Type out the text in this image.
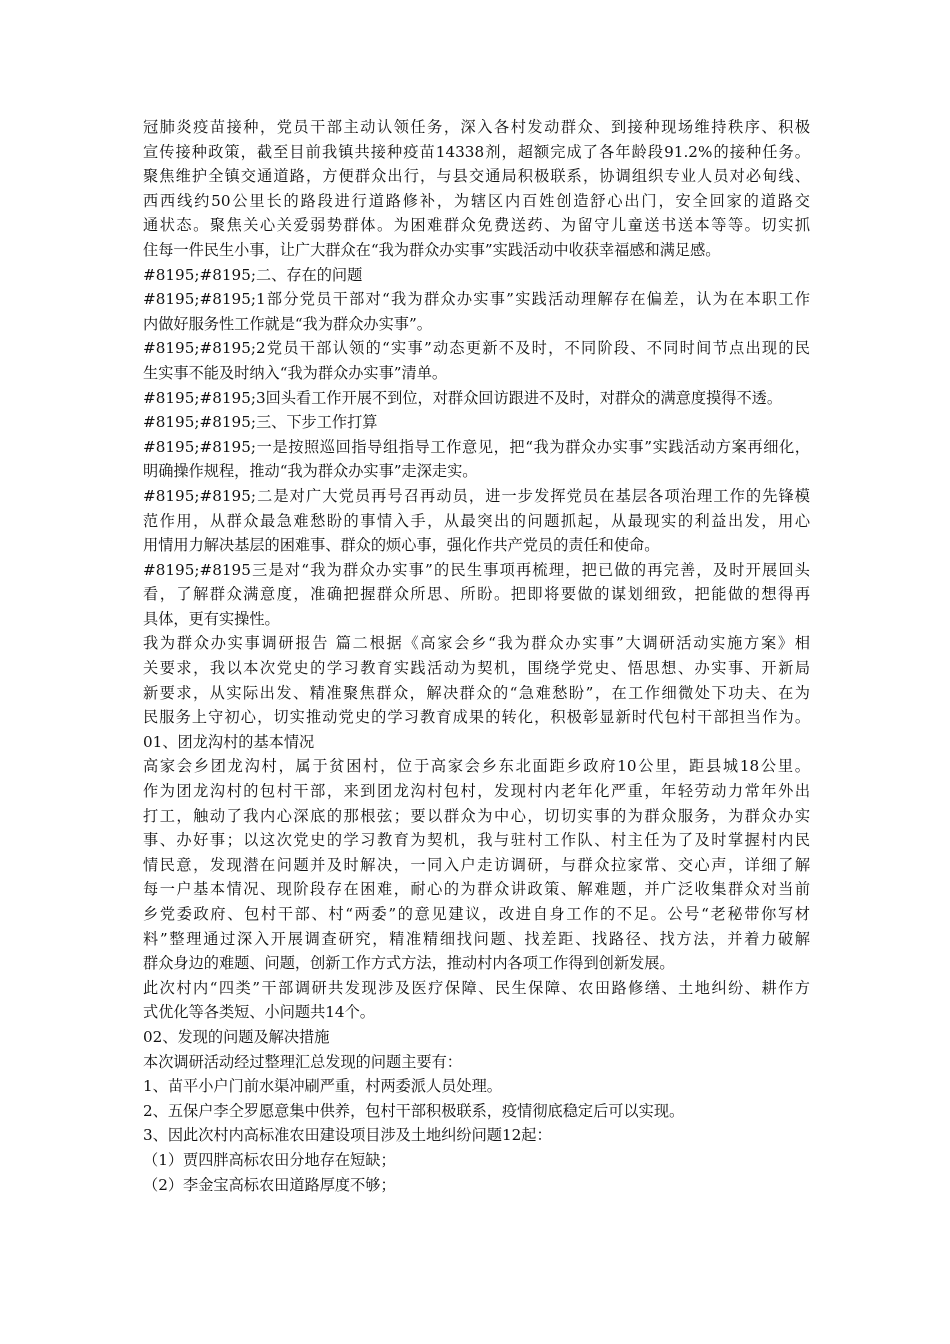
冠肺炎疫苗接种，党员干部主动认领任务，深入各村发动群众、到接种现场维持秩序、积极
宣传接种政策，截至目前我镇共接种疫苗14338剂，超额完成了各年龄段91.2%的接种任务。
聚焦维护全镇交通道路，方便群众出行，与县交通局积极联系，协调组织专业人员对必甸线、
西西线约50公里长的路段进行道路修补，为辖区内百姓创造舒心出门，安全回家的道路交
通状态。聚焦关心关爱弱势群体。为困难群众免费送药、为留守儿童送书送本等等。切实抓
住每一件民生小事，让广大群众在“我为群众办实事”实践活动中收获幸福感和满足感。
#8195;#8195;二、存在的问题
#8195;#8195;1部分党员干部对“我为群众办实事”实践活动理解存在偏差，认为在本职工作
内做好服务性工作就是“我为群众办实事”。
#8195;#8195;2党员干部认领的“实事”动态更新不及时，不同阶段、不同时间节点出现的民
生实事不能及时纳入“我为群众办实事”清单。
#8195;#8195;3回头看工作开展不到位，对群众回访跟进不及时，对群众的满意度摸得不透。
#8195;#8195;三、下步工作打算
#8195;#8195;一是按照巡回指导组指导工作意见，把“我为群众办实事”实践活动方案再细化，
明确操作规程，推动“我为群众办实事”走深走实。
#8195;#8195;二是对广大党员再号召再动员，进一步发挥党员在基层各项治理工作的先锋模
范作用，从群众最急难愁盼的事情入手，从最突出的问题抓起，从最现实的利益出发，用心
用情用力解决基层的困难事、群众的烦心事，强化作共产党员的责任和使命。
#8195;#8195三是对“我为群众办实事”的民生事项再梳理，把已做的再完善，及时开展回头
看，了解群众满意度，准确把握群众所思、所盼。把即将要做的谋划细致，把能做的想得再
具体，更有实操性。
我为群众办实事调研报告 篇二根据《高家会乡“我为群众办实事”大调研活动实施方案》相
关要求，我以本次党史的学习教育实践活动为契机，围绕学党史、悟思想、办实事、开新局
新要求，从实际出发、精准聚焦群众，解决群众的“急难愁盼”，在工作细微处下功夫、在为
民服务上守初心，切实推动党史的学习教育成果的转化，积极彰显新时代包村干部担当作为。
01、团龙沟村的基本情况
高家会乡团龙沟村，属于贫困村，位于高家会乡东北面距乡政府10公里，距县城18公里。
作为团龙沟村的包村干部，来到团龙沟村包村，发现村内老年化严重，年轻劳动力常年外出
打工，触动了我内心深底的那根弦；要以群众为中心，切切实事的为群众服务，为群众办实
事、办好事；以这次党史的学习教育为契机，我与驻村工作队、村主任为了及时掌握村内民
情民意，发现潜在问题并及时解决，一同入户走访调研，与群众拉家常、交心声，详细了解
每一户基本情况、现阶段存在困难，耐心的为群众讲政策、解难题，并广泛收集群众对当前
乡党委政府、包村干部、村“两委”的意见建议，改进自身工作的不足。公号“老秘带你写材
料”整理通过深入开展调查研究，精准精细找问题、找差距、找路径、找方法，并着力破解
群众身边的难题、问题，创新工作方式方法，推动村内各项工作得到创新发展。
此次村内“四类”干部调研共发现涉及医疗保障、民生保障、农田路修缮、土地纠纷、耕作方
式优化等各类短、小问题共14个。
02、发现的问题及解决措施
本次调研活动经过整理汇总发现的问题主要有：
1、苗平小户门前水渠冲刷严重，村两委派人员处理。
2、五保户李仝罗愿意集中供养，包村干部积极联系，疫情彻底稳定后可以实现。
3、因此次村内高标准农田建设项目涉及土地纠纷问题12起：
（1）贾四胖高标农田分地存在短缺；
（2）李金宝高标农田道路厚度不够；
